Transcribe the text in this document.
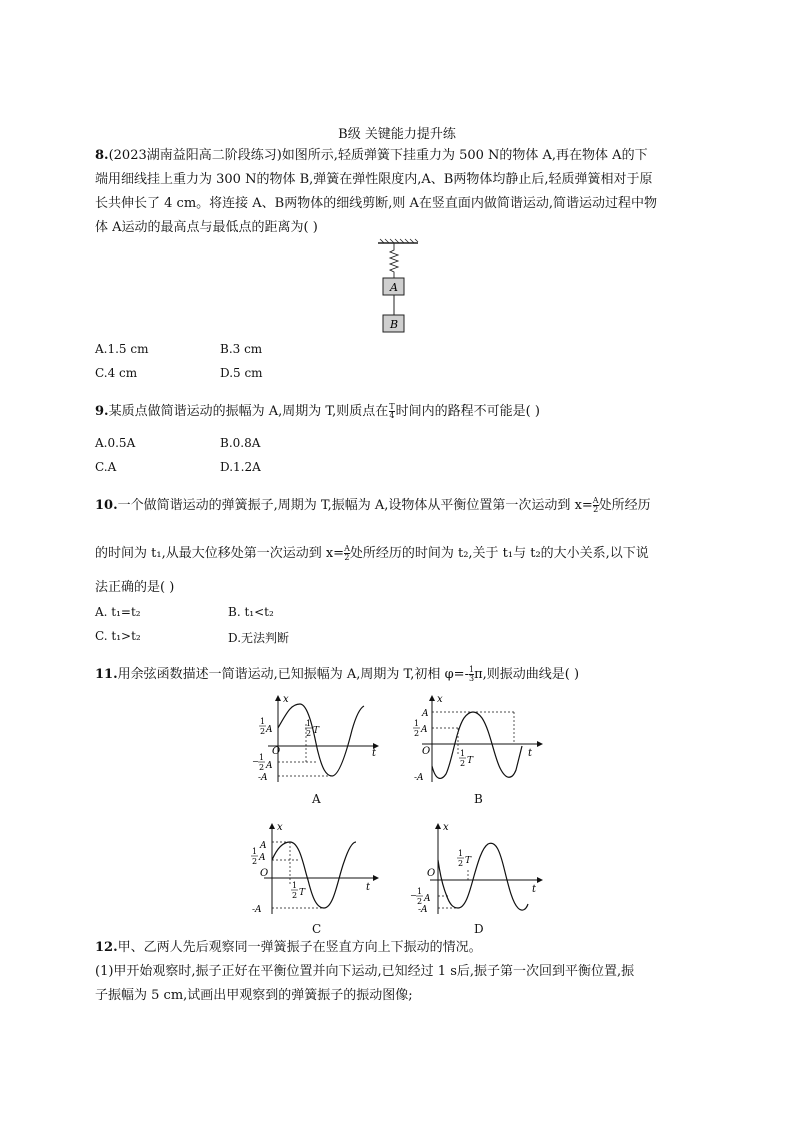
B级 关键能力提升练
8.(2023湖南益阳高二阶段练习)如图所示,轻质弹簧下挂重力为 500 N的物体 A,再在物体 A的下
端用细线挂上重力为 300 N的物体 B,弹簧在弹性限度内,A、B两物体均静止后,轻质弹簧相对于原
长共伸长了 4 cm。将连接 A、B两物体的细线剪断,则 A在竖直面内做简谐运动,简谐运动过程中物
体 A运动的最高点与最低点的距离为( )
A
B
A.1.5 cm	B.3 cm
C.4 cm	D.5 cm
9.某质点做简谐运动的振幅为 A,周期为 T,则质点在 $\frac{T}{4}$ 时间内的路程不可能是( )
A.0.5A	B.0.8A
C.A	D.1.2A
10.一个做简谐运动的弹簧振子,周期为 T,振幅为 A,设物体从平衡位置第一次运动到 $x= \frac{A}{2}$ 处所经历
的时间为 t₁,从最大位移处第一次运动到 $x= \frac{A}{2}$ 处所经历的时间为 t₂,关于 t₁与 t₂的大小关系,以下说
法正确的是( )
A. t₁=t₂	B. t₁<t₂
C. t₁>t₂	D.无法判断
11.用余弦函数描述一简谐运动,已知振幅为 A,周期为 T,初相 $\varphi=- \frac{1}{3} \pi$,则振动曲线是( )
x
t
O
1
2 A
1
2 T
− 1
2 A
-A
A
x
t
O
A
1
2 A
1
2 T
-A
B
x
t
O
1
2 A
A
1
2 T
-A
C
x
t
O
1
2 T
− 1
2 A
-A
D
12.甲、乙两人先后观察同一弹簧振子在竖直方向上下振动的情况。
(1)甲开始观察时,振子正好在平衡位置并向下运动,已知经过 1 s后,振子第一次回到平衡位置,振
子振幅为 5 cm,试画出甲观察到的弹簧振子的振动图像;
